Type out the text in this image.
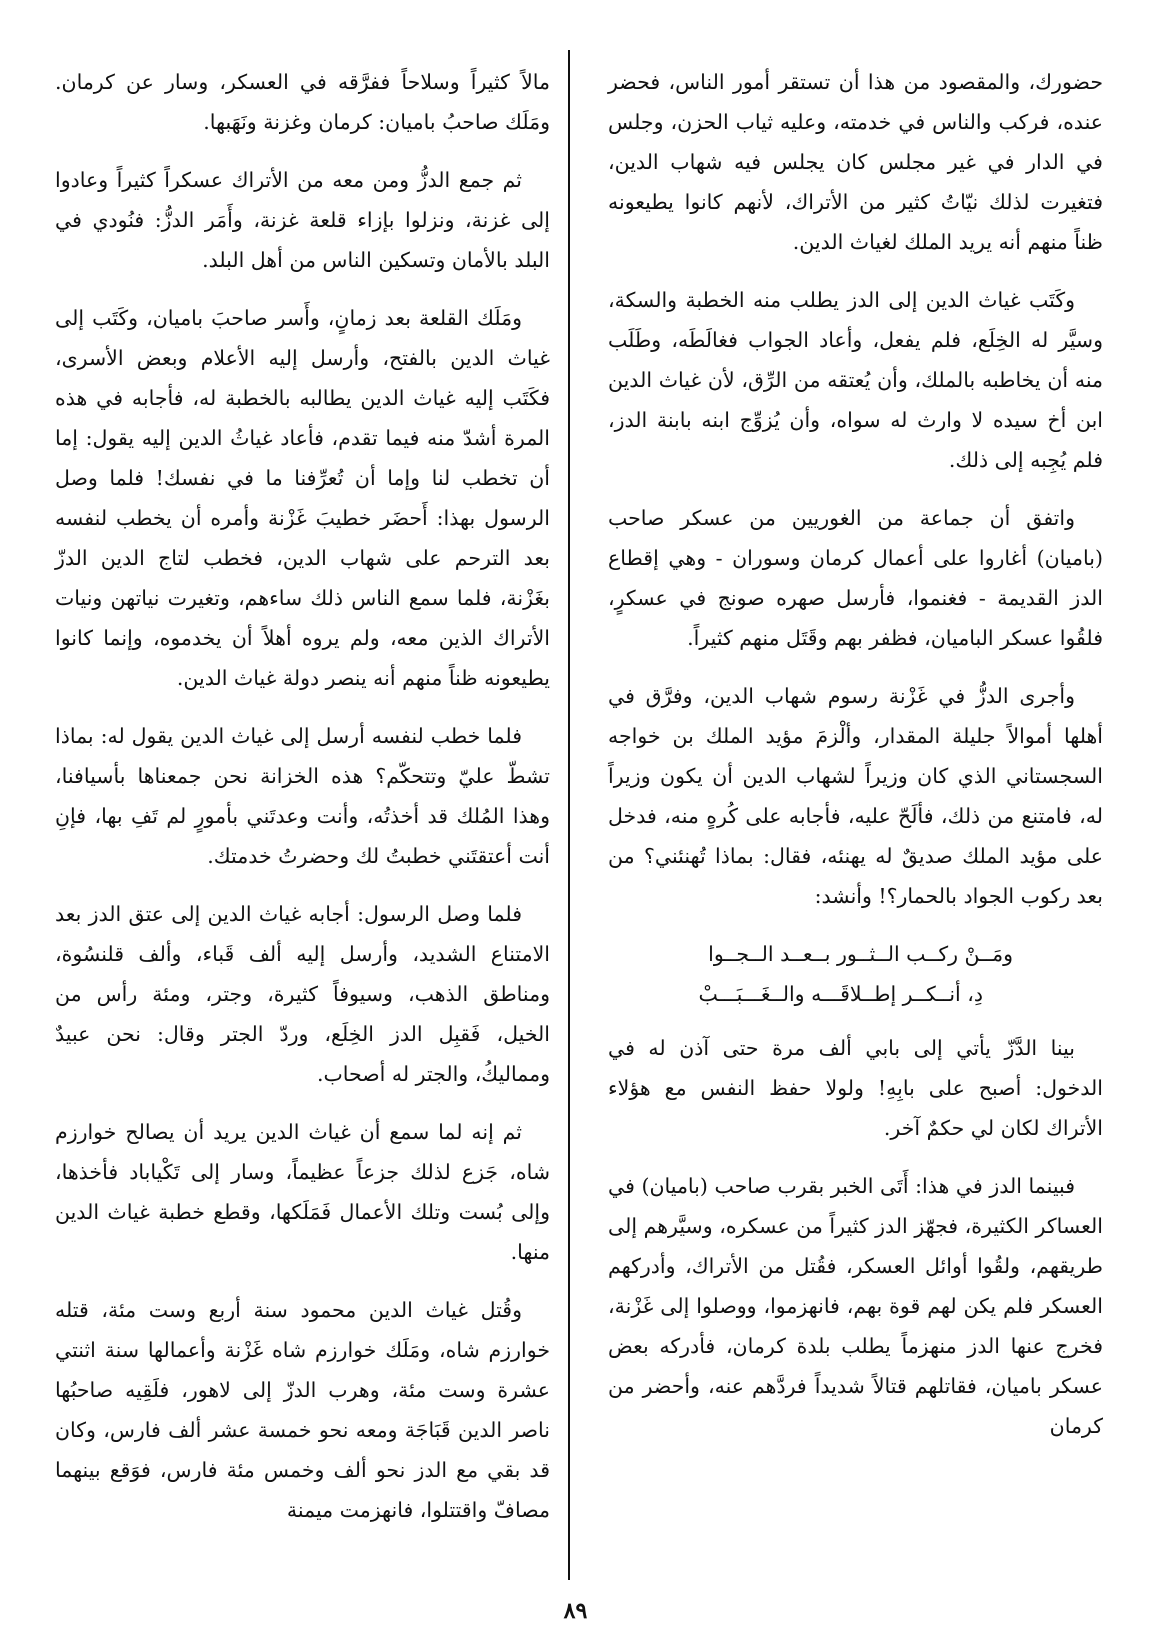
حضورك، والمقصود من هذا أن تستقر أمور الناس، فحضر عنده، فركب والناس في خدمته، وعليه ثياب الحزن، وجلس في الدار في غير مجلس كان يجلس فيه شهاب الدين، فتغيرت لذلك نيّاتُ كثير من الأتراك، لأنهم كانوا يطيعونه ظناً منهم أنه يريد الملك لغياث الدين.

وكَتَب غياث الدين إلى الدز يطلب منه الخطبة والسكة، وسيَّر له الخِلَع، فلم يفعل، وأعاد الجواب فغالَطَه، وطَلَب منه أن يخاطبه بالملك، وأن يُعتقه من الرِّق، لأن غياث الدين ابن أخ سيده لا وارث له سواه، وأن يُزوِّج ابنه بابنة الدز، فلم يُجِبه إلى ذلك.

واتفق أن جماعة من الغوريين من عسكر صاحب (باميان) أغاروا على أعمال كرمان وسوران - وهي إقطاع الدز القديمة - فغنموا، فأرسل صهره صونج في عسكرٍ، فلقُوا عسكر الباميان، فظفر بهم وقَتَل منهم كثيراً.

وأجرى الدزُّ في غَزْنة رسوم شهاب الدين، وفرَّق في أهلها أموالاً جليلة المقدار، وألْزمَ مؤيد الملك بن خواجه السجستاني الذي كان وزيراً لشهاب الدين أن يكون وزيراً له، فامتنع من ذلك، فألَحّ عليه، فأجابه على كُرهٍ منه، فدخل على مؤيد الملك صديقٌ له يهنئه، فقال: بماذا تُهنئني؟ من بعد ركوب الجواد بالحمار؟! وأنشد:

ومَــنْ ركــب الــثــور بــعــد الــجــوا
دِ، أنــكــر إطــلاقَـــه والــغَـــبَـــبْ

بينا الدَّزّ يأتي إلى بابي ألف مرة حتى آذن له في الدخول: أصبح على بابِهِ! ولولا حفظ النفس مع هؤلاء الأتراك لكان لي حكمٌ آخر.

فبينما الدز في هذا: أَتَى الخبر بقرب صاحب (باميان) في العساكر الكثيرة، فجهّز الدز كثيراً من عسكره، وسيَّرهم إلى طريقهم، ولقُوا أوائل العسكر، فقُتل من الأتراك، وأدركهم العسكر فلم يكن لهم قوة بهم، فانهزموا، ووصلوا إلى غَزْنة، فخرج عنها الدز منهزماً يطلب بلدة كرمان، فأدركه بعض عسكر باميان، فقاتلهم قتالاً شديداً فردَّهم عنه، وأحضر من كرمان

مالاً كثيراً وسلاحاً ففرَّقه في العسكر، وسار عن كرمان. ومَلَك صاحبُ باميان: كرمان وغزنة ونَهَبها.

ثم جمع الدزُّ ومن معه من الأتراك عسكراً كثيراً وعادوا إلى غزنة، ونزلوا بإزاء قلعة غزنة، وأَمَر الدزُّ: فنُودي في البلد بالأمان وتسكين الناس من أهل البلد.

ومَلَك القلعة بعد زمانٍ، وأَسر صاحبَ باميان، وكَتَب إلى غياث الدين بالفتح، وأرسل إليه الأعلام وبعض الأسرى، فكَتَب إليه غياث الدين يطالبه بالخطبة له، فأجابه في هذه المرة أشدّ منه فيما تقدم، فأعاد غياثُ الدين إليه يقول: إما أن تخطب لنا وإما أن تُعرِّفنا ما في نفسك! فلما وصل الرسول بهذا: أَحضَر خطيبَ غَزْنة وأمره أن يخطب لنفسه بعد الترحم على شهاب الدين، فخطب لتاج الدين الدزّ بغَزْنة، فلما سمع الناس ذلك ساءهم، وتغيرت نياتهن ونيات الأتراك الذين معه، ولم يروه أهلاً أن يخدموه، وإنما كانوا يطيعونه ظناً منهم أنه ينصر دولة غياث الدين.

فلما خطب لنفسه أرسل إلى غياث الدين يقول له: بماذا تشطّ عليّ وتتحكّم؟ هذه الخزانة نحن جمعناها بأسيافنا، وهذا المُلك قد أخذتُه، وأنت وعدتَني بأمورٍ لم تَفِ بها، فإنِ أنت أعتقتَني خطبتُ لك وحضرتُ خدمتك.

فلما وصل الرسول: أجابه غياث الدين إلى عتق الدز بعد الامتناع الشديد، وأرسل إليه ألف قَباء، وألف قلنسُوة، ومناطق الذهب، وسيوفاً كثيرة، وجتر، ومئة رأس من الخيل، فَقبِل الدز الخِلَع، وردّ الجتر وقال: نحن عبيدٌ ومماليكُ، والجتر له أصحاب.

ثم إنه لما سمع أن غياث الدين يريد أن يصالح خوارزم شاه، جَزع لذلك جزعاً عظيماً، وسار إلى تَكْياباد فأخذها، وإلى بُست وتلك الأعمال فَمَلَكها، وقطع خطبة غياث الدين منها.

وقُتل غياث الدين محمود سنة أربع وست مئة، قتله خوارزم شاه، ومَلَك خوارزم شاه غَزْنة وأعمالها سنة اثنتي عشرة وست مئة، وهرب الدزّ إلى لاهور، فلَقِيه صاحبُها ناصر الدين قَبَاجَة ومعه نحو خمسة عشر ألف فارس، وكان قد بقي مع الدز نحو ألف وخمس مئة فارس، فوَقع بينهما مصافّ واقتتلوا، فانهزمت ميمنة

٨٩
